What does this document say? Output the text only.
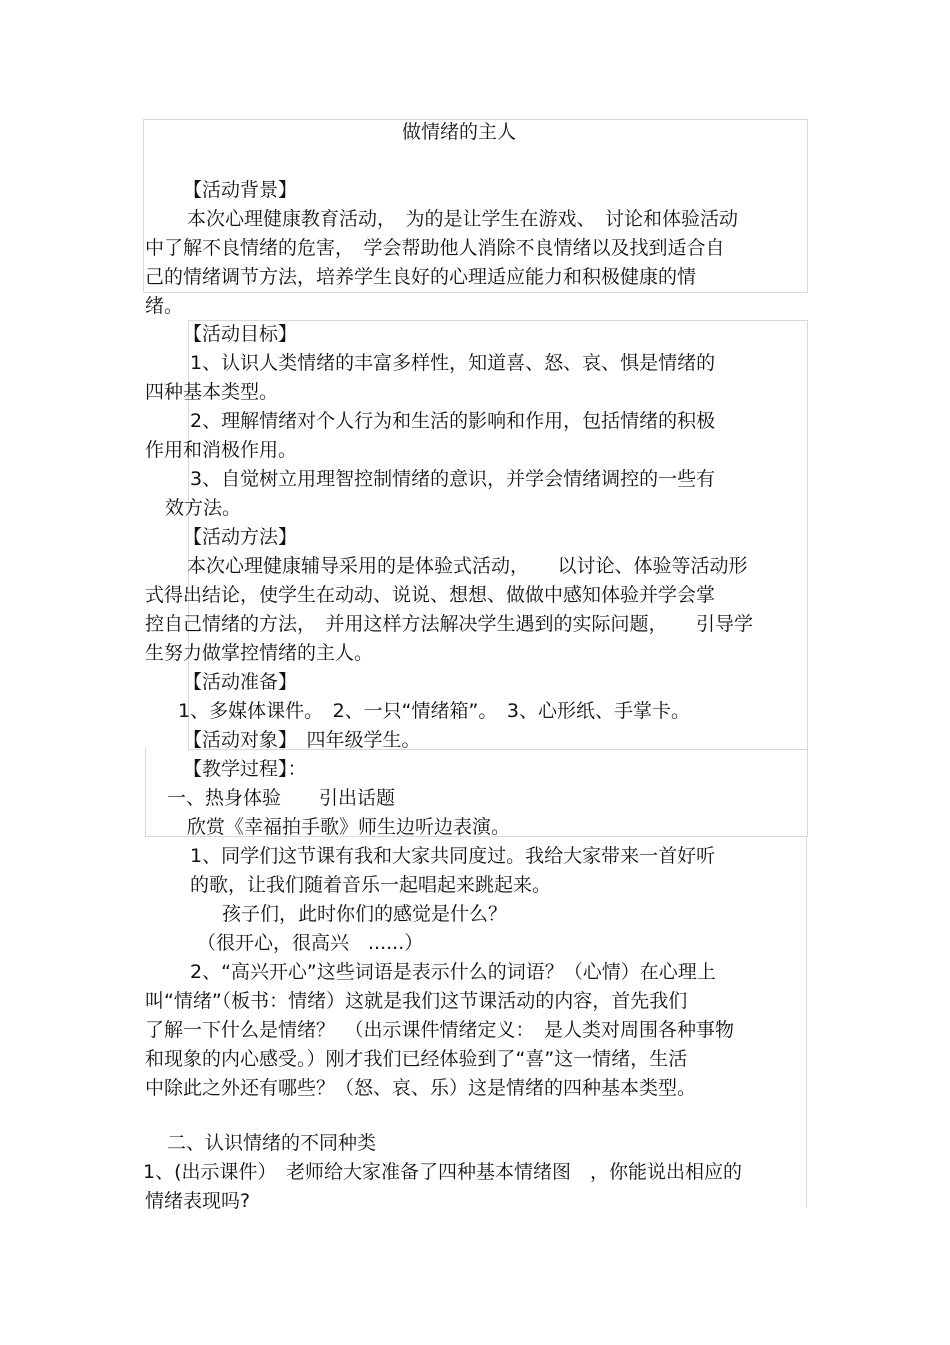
做情绪的主人
【活动背景】
本次心理健康教育活动，　为的是让学生在游戏、　讨论和体验活动
中了解不良情绪的危害，　学会帮助他人消除不良情绪以及找到适合自
己的情绪调节方法，培养学生良好的心理适应能力和积极健康的情
绪。
【活动目标】
1、认识人类情绪的丰富多样性，知道喜、怒、哀、惧是情绪的
四种基本类型。
2、理解情绪对个人行为和生活的影响和作用，包括情绪的积极
作用和消极作用。
3、自觉树立用理智控制情绪的意识，并学会情绪调控的一些有
效方法。
【活动方法】
本次心理健康辅导采用的是体验式活动，　　以讨论、体验等活动形
式得出结论，使学生在动动、说说、想想、做做中感知体验并学会掌
控自己情绪的方法，　并用这样方法解决学生遇到的实际问题，　　引导学
生努力做掌控情绪的主人。
【活动准备】
1、多媒体课件。　2、一只“情绪箱”。　3、心形纸、手掌卡。
【活动对象】　四年级学生。
【教学过程】：
一、热身体验　　引出话题
欣赏《幸福拍手歌》师生边听边表演。
1、同学们这节课有我和大家共同度过。我给大家带来一首好听
的歌，让我们随着音乐一起唱起来跳起来。
孩子们，此时你们的感觉是什么？
（很开心，很高兴　......）
2、“高兴开心”这些词语是表示什么的词语？（心情）在心理上
叫“情绪”（板书：情绪）这就是我们这节课活动的内容，首先我们
了解一下什么是情绪？　（出示课件情绪定义：　是人类对周围各种事物
和现象的内心感受。）刚才我们已经体验到了“喜”这一情绪，生活
中除此之外还有哪些？（怒、哀、乐）这是情绪的四种基本类型。
二、认识情绪的不同种类
1、(出示课件）　老师给大家准备了四种基本情绪图　，你能说出相应的
情绪表现吗?
